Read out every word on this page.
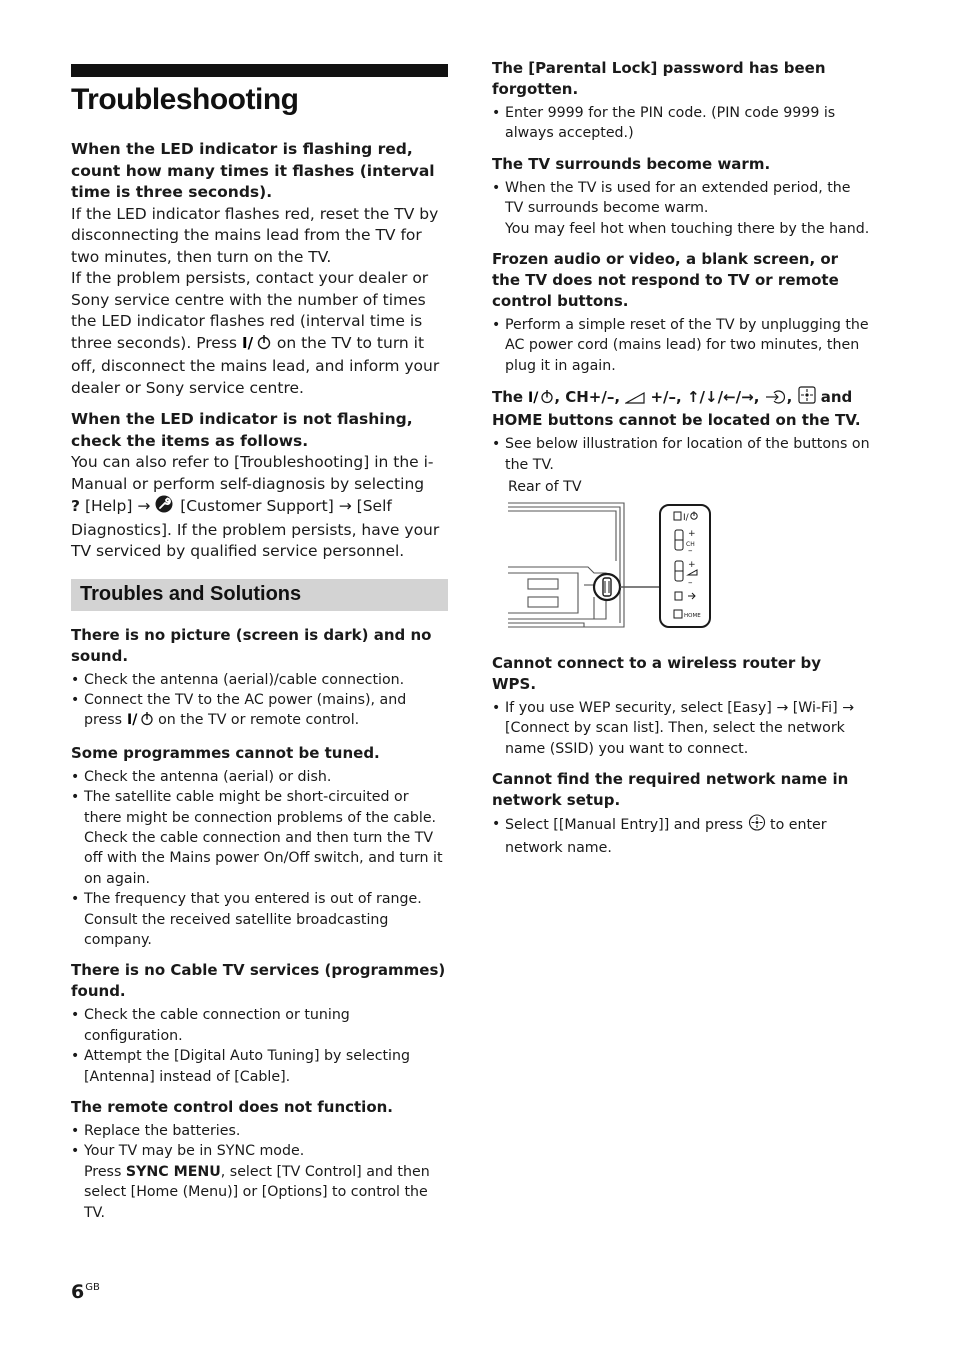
Troubleshooting

When the LED indicator is flashing red, count how many times it flashes (interval time is three seconds).

If the LED indicator flashes red, reset the TV by disconnecting the mains lead from the TV for two minutes, then turn on the TV.

If the problem persists, contact your dealer or Sony service centre with the number of times the LED indicator flashes red (interval time is three seconds). Press I/ on the TV to turn it off, disconnect the mains lead, and inform your dealer or Sony service centre.

When the LED indicator is not flashing, check the items as follows.

You can also refer to [Troubleshooting] in the i-Manual or perform self-diagnosis by selecting ? [Help] → [Customer Support] → [Self Diagnostics]. If the problem persists, have your TV serviced by qualified service personnel.

Troubles and Solutions

There is no picture (screen is dark) and no sound.

• Check the antenna (aerial)/cable connection.
• Connect the TV to the AC power (mains), and press I/ on the TV or remote control.

Some programmes cannot be tuned.

• Check the antenna (aerial) or dish.
• The satellite cable might be short-circuited or there might be connection problems of the cable. Check the cable connection and then turn the TV off with the Mains power On/Off switch, and turn it on again.
• The frequency that you entered is out of range. Consult the received satellite broadcasting company.

There is no Cable TV services (programmes) found.

• Check the cable connection or tuning configuration.
• Attempt the [Digital Auto Tuning] by selecting [Antenna] instead of [Cable].

The remote control does not function.

• Replace the batteries.
• Your TV may be in SYNC mode.
Press SYNC MENU, select [TV Control] and then select [Home (Menu)] or [Options] to control the TV.

The [Parental Lock] password has been forgotten.

• Enter 9999 for the PIN code. (PIN code 9999 is always accepted.)

The TV surrounds become warm.

• When the TV is used for an extended period, the TV surrounds become warm.
You may feel hot when touching there by the hand.

Frozen audio or video, a blank screen, or the TV does not respond to TV or remote control buttons.

• Perform a simple reset of the TV by unplugging the AC power cord (mains lead) for two minutes, then plug it in again.

The I/ , CH+/–,  +/–, ↑/↓/←/→, ,  and HOME buttons cannot be located on the TV.

• See below illustration for location of the buttons on the TV.
Rear of TV
I/
+
–
+
–
CH
HOME

Cannot connect to a wireless router by WPS.

• If you use WEP security, select [Easy] → [Wi-Fi] → [Connect by scan list]. Then, select the network name (SSID) you want to connect.

Cannot find the required network name in network setup.

• Select [[Manual Entry]] and press  to enter network name.
$6^{GB}$
